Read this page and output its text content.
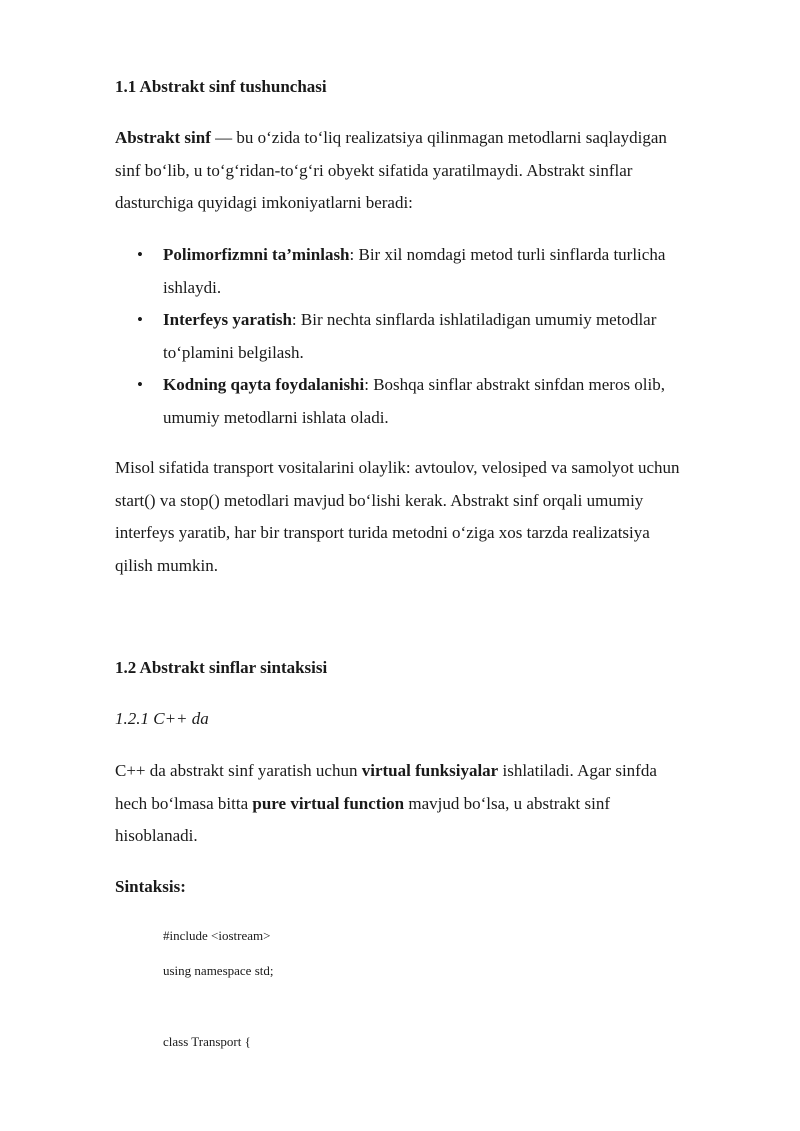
1.1 Abstrakt sinf tushunchasi
Abstrakt sinf — bu o‘zida to‘liq realizatsiya qilinmagan metodlarni saqlaydigan
sinf bo‘lib, u to‘g‘ridan-to‘g‘ri obyekt sifatida yaratilmaydi. Abstrakt sinflar
dasturchiga quyidagi imkoniyatlarni beradi:
• Polimorfizmni ta’minlash: Bir xil nomdagi metod turli sinflarda turlicha
ishlaydi.
• Interfeys yaratish: Bir nechta sinflarda ishlatiladigan umumiy metodlar
to‘plamini belgilash.
• Kodning qayta foydalanishi: Boshqa sinflar abstrakt sinfdan meros olib,
umumiy metodlarni ishlata oladi.
Misol sifatida transport vositalarini olaylik: avtoulov, velosiped va samolyot uchun
start() va stop() metodlari mavjud bo‘lishi kerak. Abstrakt sinf orqali umumiy
interfeys yaratib, har bir transport turida metodni o‘ziga xos tarzda realizatsiya
qilish mumkin.
1.2 Abstrakt sinflar sintaksisi
1.2.1 C++ da
C++ da abstrakt sinf yaratish uchun virtual funksiyalar ishlatiladi. Agar sinfda
hech bo‘lmasa bitta pure virtual function mavjud bo‘lsa, u abstrakt sinf
hisoblanadi.
Sintaksis:
#include <iostream>
using namespace std;
class Transport {
